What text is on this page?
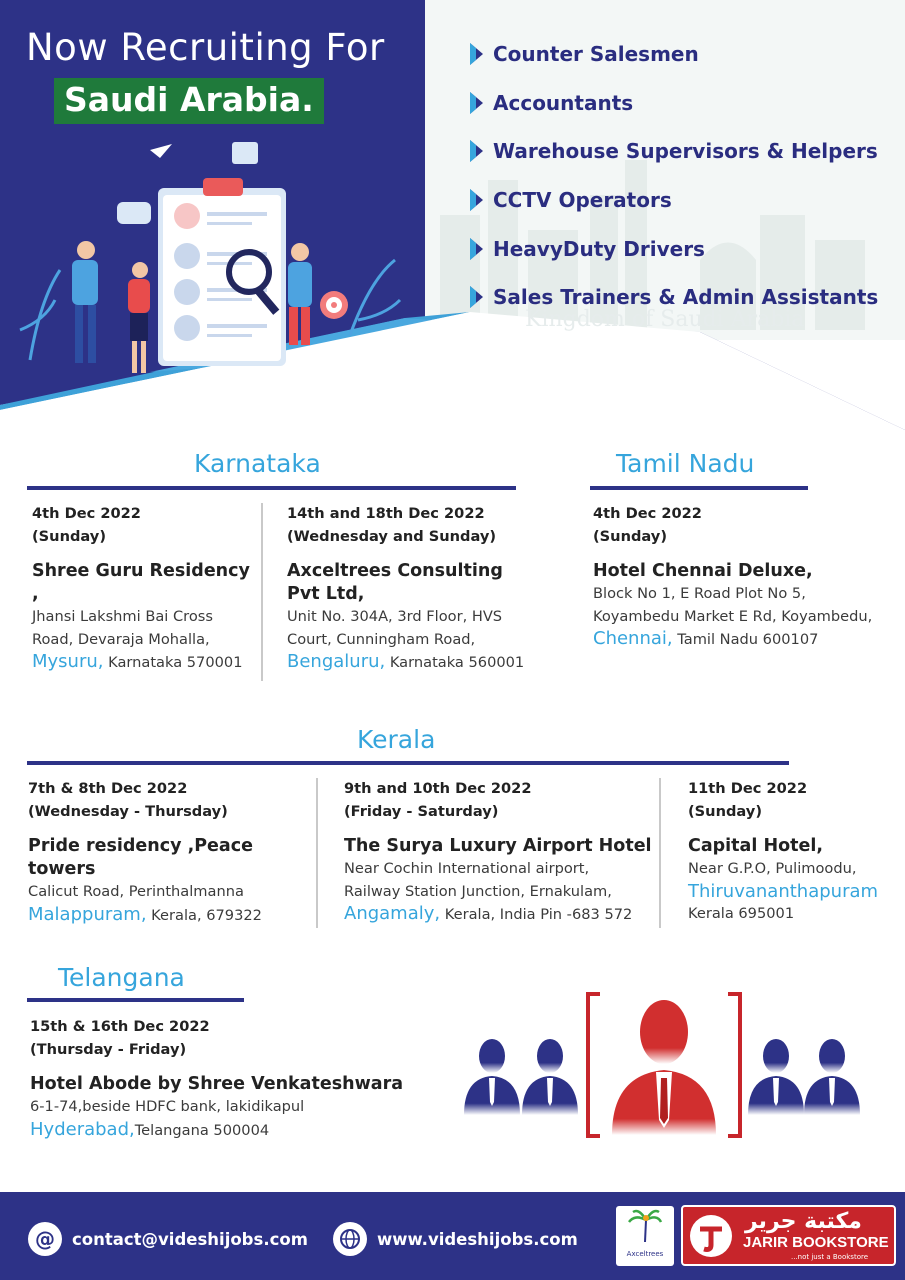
Now Recruiting For
Saudi Arabia.
Counter Salesmen
Accountants
Warehouse Supervisors & Helpers
CCTV Operators
HeavyDuty Drivers
Sales Trainers & Admin Assistants
Kingdom of Saudi Arabia
Karnataka
4th Dec 2022
(Sunday)
Shree Guru Residency ,
Jhansi Lakshmi Bai Cross
Road, Devaraja Mohalla,
Mysuru, Karnataka 570001
14th and 18th Dec 2022
(Wednesday and Sunday)
Axceltrees Consulting
Pvt Ltd,
Unit No. 304A, 3rd Floor, HVS
Court, Cunningham Road,
Bengaluru, Karnataka 560001
Tamil Nadu
4th Dec 2022
(Sunday)
Hotel Chennai Deluxe,
Block No 1, E Road Plot No 5,
Koyambedu Market E Rd, Koyambedu,
Chennai, Tamil Nadu 600107
Kerala
7th & 8th Dec 2022
(Wednesday - Thursday)
Pride residency ,Peace towers
Calicut Road, Perinthalmanna
Malappuram, Kerala, 679322
9th and 10th Dec 2022
(Friday - Saturday)
The Surya Luxury Airport Hotel
Near Cochin International airport,
Railway Station Junction, Ernakulam,
Angamaly, Kerala, India Pin -683 572
11th Dec 2022
(Sunday)
Capital Hotel,
Near G.P.O, Pulimoodu,
Thiruvananthapuram
Kerala 695001
Telangana
15th & 16th Dec 2022
(Thursday - Friday)
Hotel Abode by Shree Venkateshwara
6-1-74,beside HDFC bank, lakidikapul
Hyderabad,Telangana 500004
@	contact@videshijobs.com	www.videshijobs.com
Axceltrees
مكتبة جرير
JARIR BOOKSTORE
...not just a Bookstore
